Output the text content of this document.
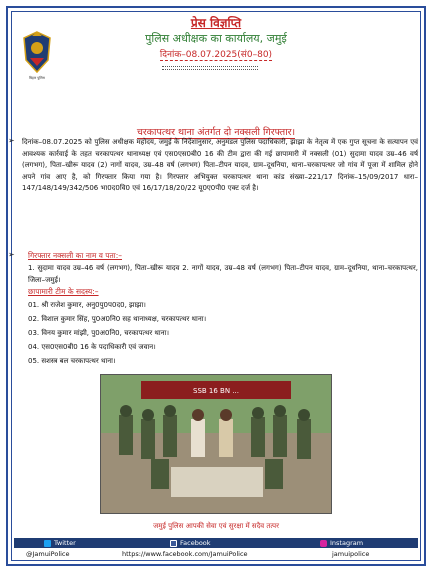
बिहार पुलिस
प्रेस विज्ञप्ति
पुलिस अधीक्षक का कार्यालय, जमुई
दिनांक–08.07.2025(सं0–80)
चरकापत्थर थाना अंतर्गत दो नक्सली गिरफ्तार।
➢ दिनांक–08.07.2025 को पुलिस अधीक्षक महोदय, जमुई के निर्देशानुसार, अनुमंडल पुलिस पदाधिकारी, झाझा के नेतृत्व में एक गुप्त सूचना के सत्यापन एवं आवश्यक कार्रवाई के तहत चरकापत्थर थानाध्यक्ष एवं एस0एस0बी0 16 की टीम द्वारा की गई छापामारी में नक्सली (01) सुदामा यादव उम्र–46 वर्ष (लगभग), पिता–खीरू यादव (2) नागों यादव, उम्र–48 वर्ष (लगभग) पिता–टीपन यादव, ग्राम–दूधनिया, थाना–चरकापत्थर जो गांव में पूजा में शामिल होने अपने गांव आए है, को गिरफ्तार किया गया है। गिरफ्तार अभियुक्त चरकापत्थर थाना कांड संख्या–221/17 दिनांक–15/09/2017 धारा–147/148/149/342/506 भा0द0वि0 एवं 16/17/18/20/22 यू0ए0पी0 एक्ट दर्ज है।
➢ गिरफ्तार नक्सली का नाम व पता:–
1. सुदामा यादव उम्र–46 वर्ष (लगभग), पिता–खीरू यादव 2. नागों यादव, उम्र–48 वर्ष (लगभग) पिता–टीपन यादव, ग्राम–दूधनिया, थाना–चरकापत्थर, जिला–जमुई।
छापामारी टीम के सदस्य:–
01. श्री राजेश कुमार, अनु0पु0प0द0, झाझा।
02. विशाल कुमार सिंह, पु0अ0नि0 सह थानाध्यक्ष, चरकापत्थर थाना।
03. विनय कुमार मांझी, पु0अ0नि0, चरकापत्थर थाना।
04. एस0एस0बी0 16 के पदाधिकारी एवं जवान।
05. सशस्त्र बल चरकापत्थर थाना।
SSB 16 BN ...
जमुई पुलिस आपकी सेवा एवं सुरक्षा में सदैव तत्पर
Twitter	Facebook	Instagram
@JamuiPolice	https://www.facebook.com/JamuiPolice	jamuipolice
